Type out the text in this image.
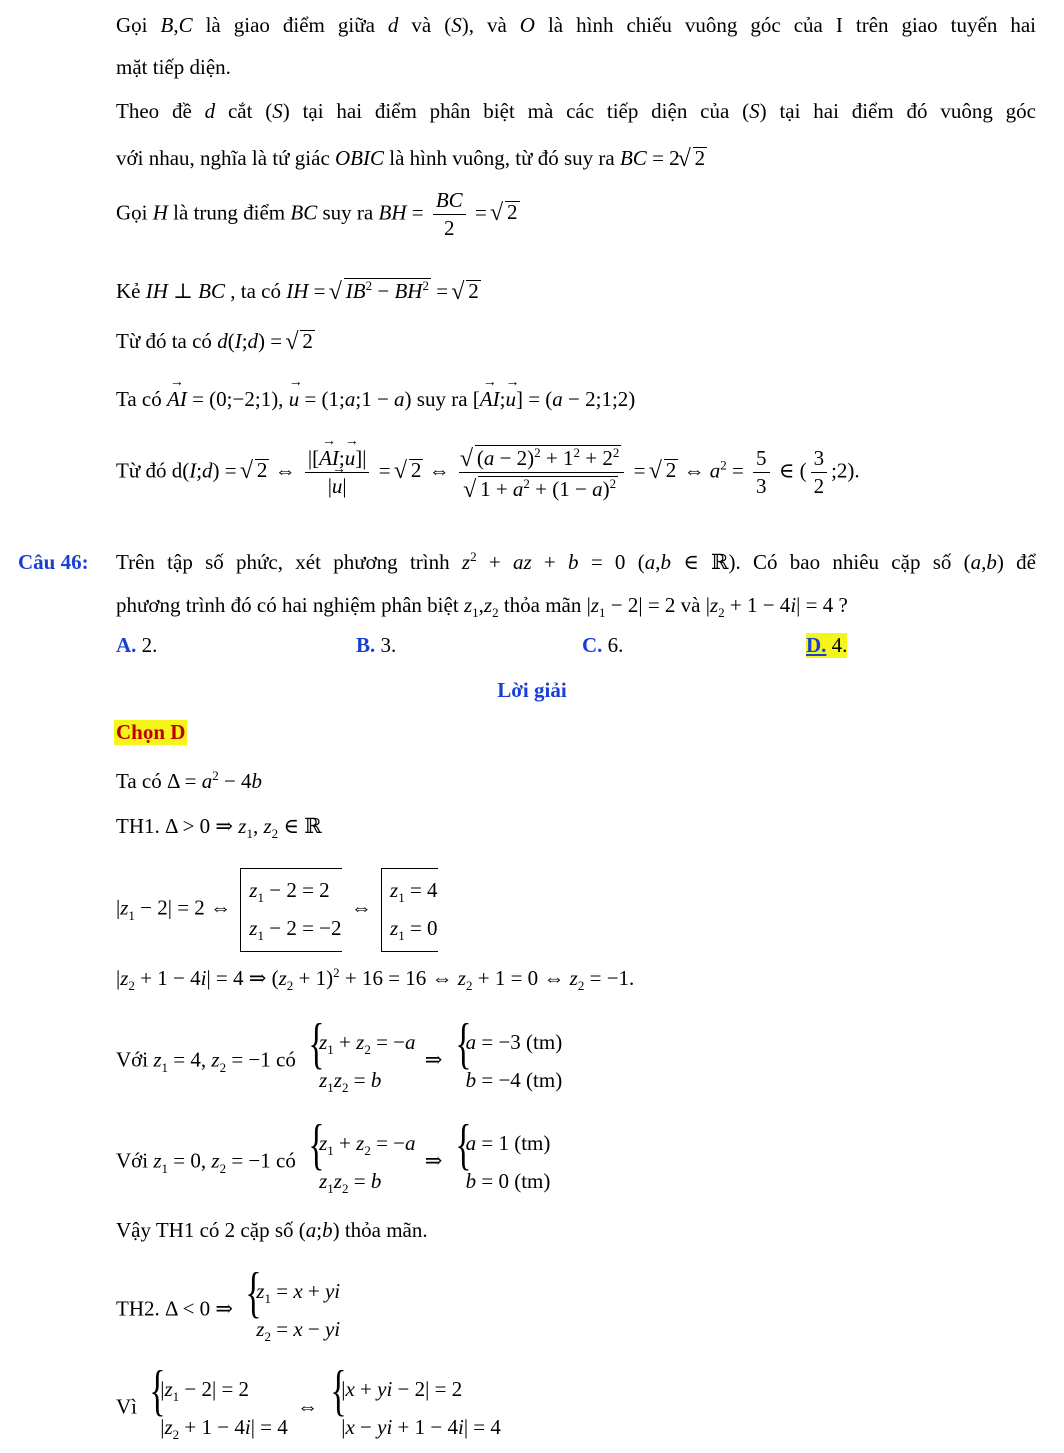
Gọi B,C là giao điểm giữa d và (S), và O là hình chiếu vuông góc của I trên giao tuyến hai
mặt tiếp diện.
Theo đề d cắt (S) tại hai điểm phân biệt mà các tiếp diện của (S) tại hai điểm đó vuông góc
với nhau, nghĩa là tứ giác OBIC là hình vuông, từ đó suy ra BC = 2 √ 2
Gọi H là trung điểm BC suy ra BH = $\frac{BC}{2}$ = √ 2
Kẻ IH ⊥ BC , ta có IH = √ $IB^2 - BH^2$ = √ 2
Từ đó ta có d(I;d) = √ 2
Ta có AI → = (0;−2;1), u → = (1;a;1 − a) suy ra [AI →;u →] = (a − 2;1;2)
Từ đó d(I;d) = √ 2 ⇔ $\frac{|[AI \to;u \to]|}{|u \to|}$ = √ 2 ⇔ √ $(a - 2)^2 + 1^2 + 2^2$
√ $1 + a^2 + (1 - a)^2$ = √ 2 ⇔ $a^2 = \frac{5}{3}$ ∈ ( $\frac{3}{2}$ ;2).
Câu 46: Trên tập số phức, xét phương trình $z^2$ + az + b = 0 (a,b ∈ ℝ). Có bao nhiêu cặp số (a,b) để
phương trình đó có hai nghiệm phân biệt $z_1,z_2$ thỏa mãn $|z_1 - 2| = 2$ và $|z_2 + 1 - 4i| = 4$ ?
A. 2.	B. 3.	C. 6.	D. 4.
Lời giải
Chọn D
Ta có $\Delta = a^2 - 4b$
TH1. Δ > 0 ⇒ $z_1$, $z_2$ ∈ ℝ
$|z_1 - 2| = 2$ ⇔
$z_1 - 2 = 2$
$z_1 - 2 = -2$
⇔
$z_1 = 4$
$z_1 = 0$
$|z_2 + 1 - 4i| = 4$ ⇒ $(z_2 + 1)^2 + 16 = 16$ ⇔ $z_2 + 1 = 0$ ⇔ $z_2 = -1$.
Với $z_1 = 4$, $z_2 = -1$ có
{ $z_1 + z_2 = -a$
$z_1z_2 = b$
⇒
{ a = −3 (tm)
b = −4 (tm)
Với $z_1 = 0$, $z_2 = -1$ có
{ $z_1 + z_2 = -a$
$z_1z_2 = b$
⇒
{ a = 1 (tm)
b = 0 (tm)
Vậy TH1 có 2 cặp số (a;b) thỏa mãn.
TH2. Δ < 0 ⇒
{ $z_1 = x$ + yi
$z_2 = x$ − yi
Vì
{ $|z_1 - 2| = 2$
$|z_2 + 1 - 4i| = 4$
⇔
{ |x + yi − 2| = 2
|x − yi + 1 − 4i| = 4
